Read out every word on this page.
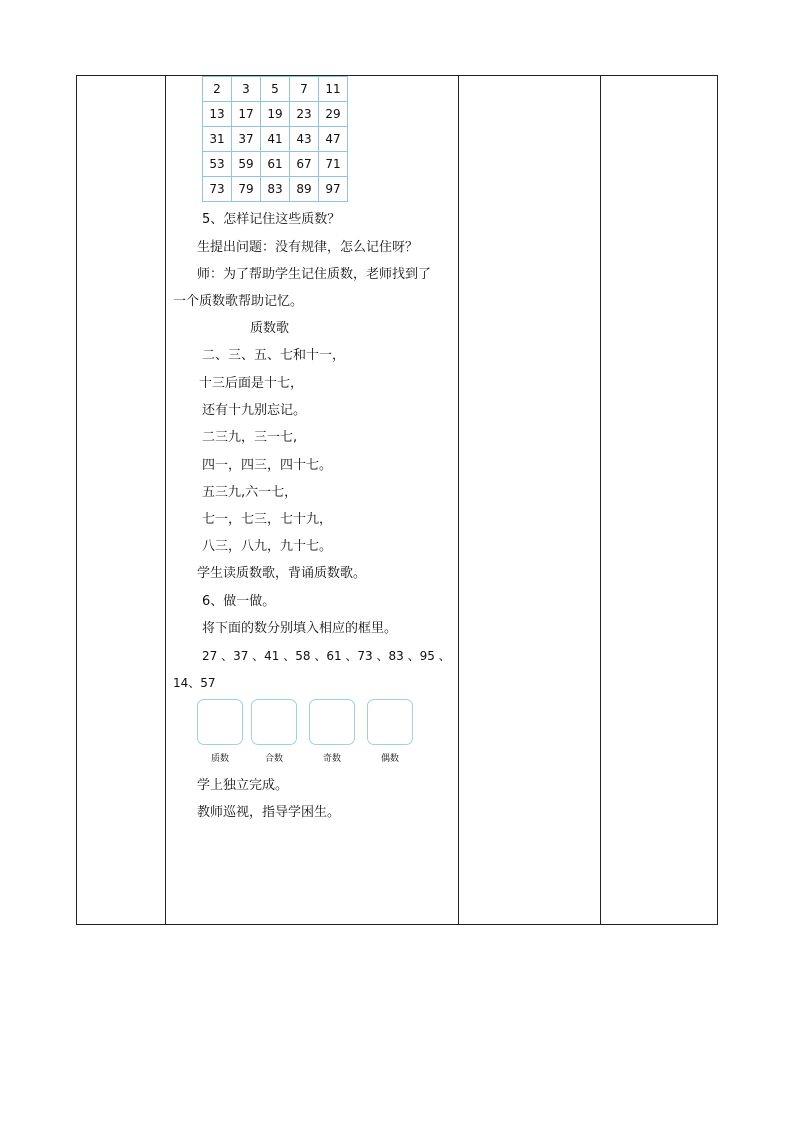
2	3	5	7	11
13	17	19	23	29
31	37	41	43	47
53	59	61	67	71
73	79	83	89	97
5、怎样记住这些质数？
生提出问题：没有规律，怎么记住呀？
师：为了帮助学生记住质数，老师找到了
一个质数歌帮助记忆。
质数歌
二、三、五、七和十一，
十三后面是十七，
还有十九别忘记。
二三九，三一七,
四一，四三，四十七。
五三九,六一七，
七一，七三，七十九，
八三，八九，九十七。
学生读质数歌，背诵质数歌。
6、做一做。
将下面的数分别填入相应的框里。
27 、37 、41 、58 、61 、73 、83 、95 、
14、57
质数	合数	奇数	偶数
学上独立完成。
教师巡视，指导学困生。
